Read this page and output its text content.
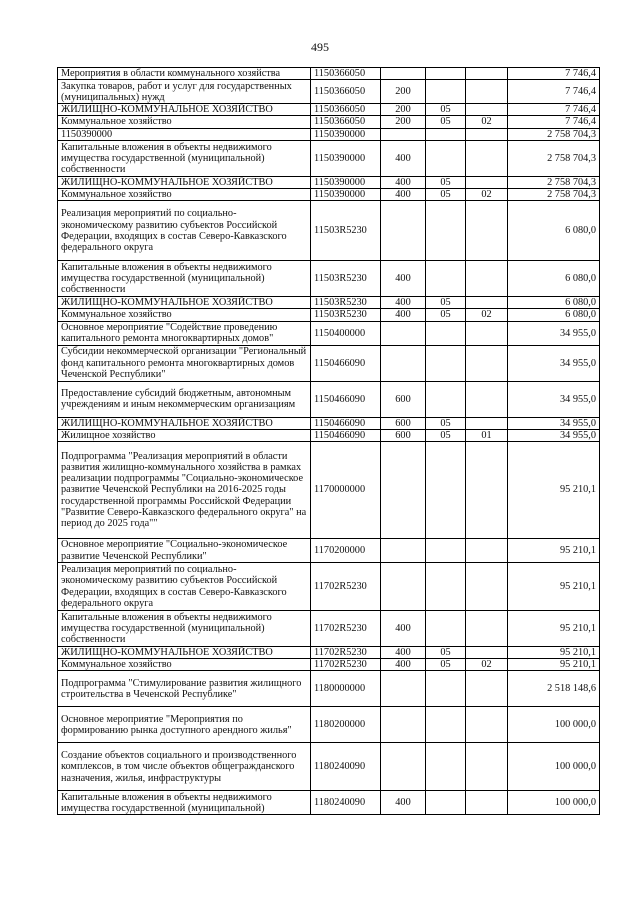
495
Мероприятия в области коммунального хозяйства	1150366050				7 746,4
Закупка товаров, работ и услуг для государственных (муниципальных) нужд	1150366050	200			7 746,4
ЖИЛИЩНО-КОММУНАЛЬНОЕ ХОЗЯЙСТВО	1150366050	200	05		7 746,4
Коммунальное хозяйство	1150366050	200	05	02	7 746,4
1150390000	1150390000				2 758 704,3
Капитальные вложения в объекты недвижимого имущества государственной (муниципальной) собственности	1150390000	400			2 758 704,3
ЖИЛИЩНО-КОММУНАЛЬНОЕ ХОЗЯЙСТВО	1150390000	400	05		2 758 704,3
Коммунальное хозяйство	1150390000	400	05	02	2 758 704,3
Реализация мероприятий по социально-экономическому развитию субъектов Российской Федерации, входящих в состав Северо-Кавказского федерального округа	11503R5230				6 080,0
Капитальные вложения в объекты недвижимого имущества государственной (муниципальной) собственности	11503R5230	400			6 080,0
ЖИЛИЩНО-КОММУНАЛЬНОЕ ХОЗЯЙСТВО	11503R5230	400	05		6 080,0
Коммунальное хозяйство	11503R5230	400	05	02	6 080,0
Основное мероприятие "Содействие проведению капитального ремонта многоквартирных домов"	1150400000				34 955,0
Субсидии некоммерческой организации "Региональный фонд капитального ремонта многоквартирных домов Чеченской Республики"	1150466090				34 955,0
Предоставление субсидий бюджетным, автономным учреждениям и иным некоммерческим организациям	1150466090	600			34 955,0
ЖИЛИЩНО-КОММУНАЛЬНОЕ ХОЗЯЙСТВО	1150466090	600	05		34 955,0
Жилищное хозяйство	1150466090	600	05	01	34 955,0
Подпрограмма "Реализация мероприятий в области развития жилищно-коммунального хозяйства в рамках реализации подпрограммы "Социально-экономическое развитие Чеченской Республики на 2016-2025 годы государственной программы Российской Федерации "Развитие Северо-Кавказского федерального округа" на период до 2025 года""	1170000000				95 210,1
Основное мероприятие "Социально-экономическое развитие Чеченской Республики"	1170200000				95 210,1
Реализация мероприятий по социально-экономическому развитию субъектов Российской Федерации, входящих в состав Северо-Кавказского федерального округа	11702R5230				95 210,1
Капитальные вложения в объекты недвижимого имущества государственной (муниципальной) собственности	11702R5230	400			95 210,1
ЖИЛИЩНО-КОММУНАЛЬНОЕ ХОЗЯЙСТВО	11702R5230	400	05		95 210,1
Коммунальное хозяйство	11702R5230	400	05	02	95 210,1
Подпрограмма "Стимулирование развития жилищного строительства в Чеченской Республике"	1180000000				2 518 148,6
Основное мероприятие "Мероприятия по формированию рынка доступного арендного жилья"	1180200000				100 000,0
Создание объектов социального и производственного комплексов, в том числе объектов общегражданского назначения, жилья, инфраструктуры	1180240090				100 000,0
Капитальные вложения в объекты недвижимого имущества государственной (муниципальной)	1180240090	400			100 000,0
